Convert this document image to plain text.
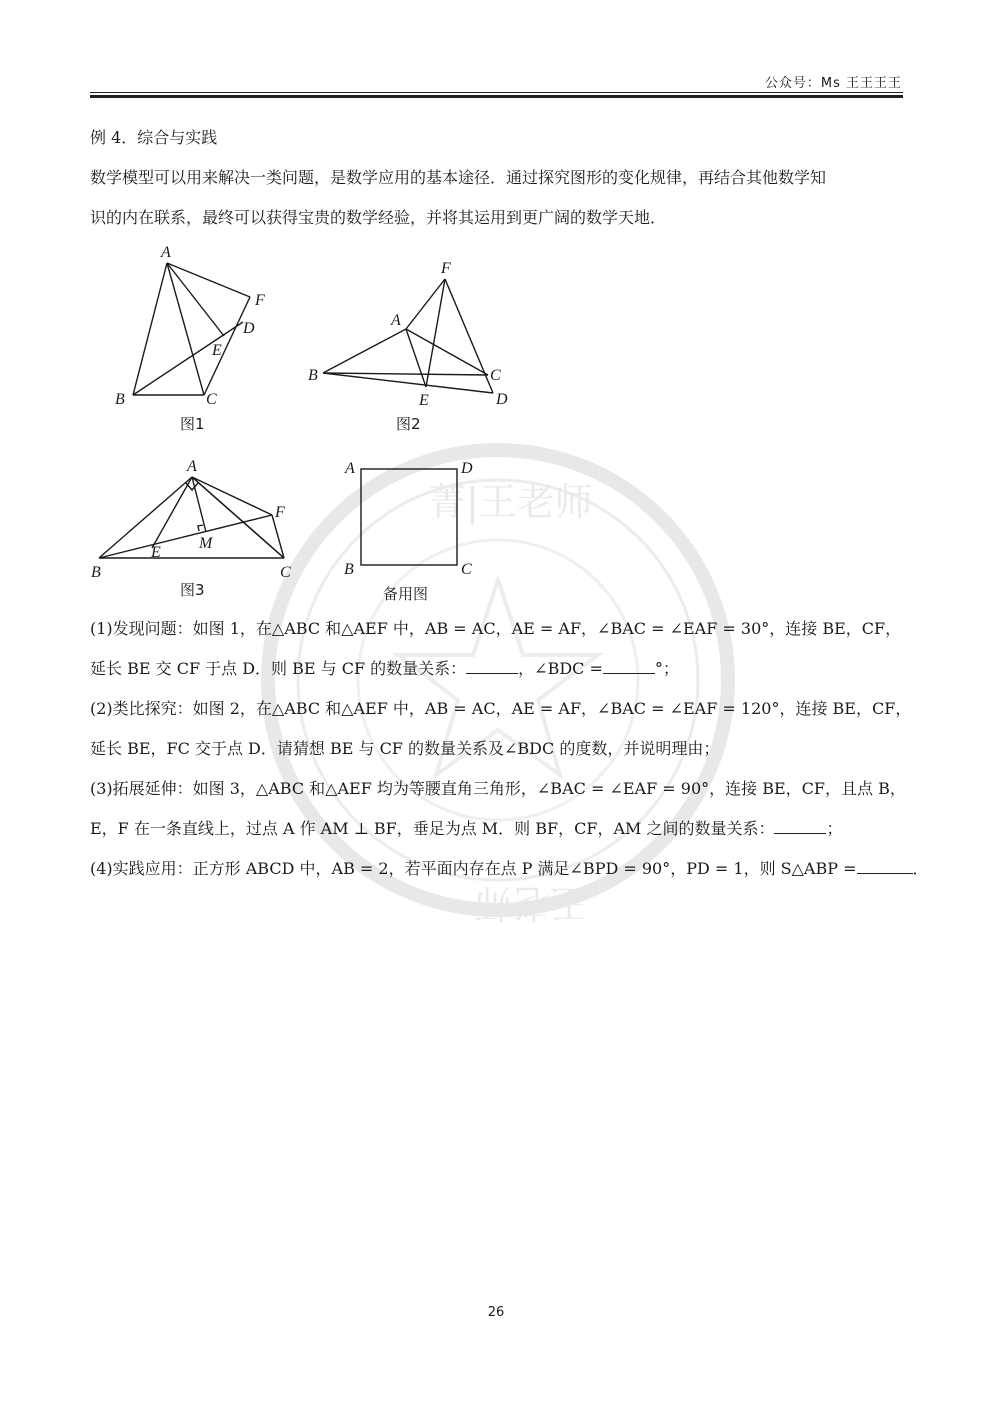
公众号：Ms 王王王王
菁|王老师
王老师
例 4．综合与实践
数学模型可以用来解决一类问题，是数学应用的基本途径．通过探究图形的变化规律，再结合其他数学知
识的内在联系，最终可以获得宝贵的数学经验，并将其运用到更广阔的数学天地．
A
B	C
D
E
F
图1
A
B	C
D
E
F
图2
A
B	C
E
F
M
图3
A	D
B	C
备用图
(1)发现问题：如图 1，在△ABC 和△AEF 中，AB = AC，AE = AF，∠BAC = ∠EAF = 30°，连接 BE，CF，
延长 BE 交 CF 于点 D．则 BE 与 CF 的数量关系：	，∠BDC =	°；
(2)类比探究：如图 2，在△ABC 和△AEF 中，AB = AC，AE = AF，∠BAC = ∠EAF = 120°，连接 BE，CF，
延长 BE，FC 交于点 D．请猜想 BE 与 CF 的数量关系及∠BDC 的度数，并说明理由；
(3)拓展延伸：如图 3，△ABC 和△AEF 均为等腰直角三角形，∠BAC = ∠EAF = 90°，连接 BE，CF，且点 B，
E，F 在一条直线上，过点 A 作 AM ⊥ BF，垂足为点 M．则 BF，CF，AM 之间的数量关系：	；
(4)实践应用：正方形 ABCD 中，AB = 2，若平面内存在点 P 满足∠BPD = 90°，PD = 1，则 S△ABP =	．
26
